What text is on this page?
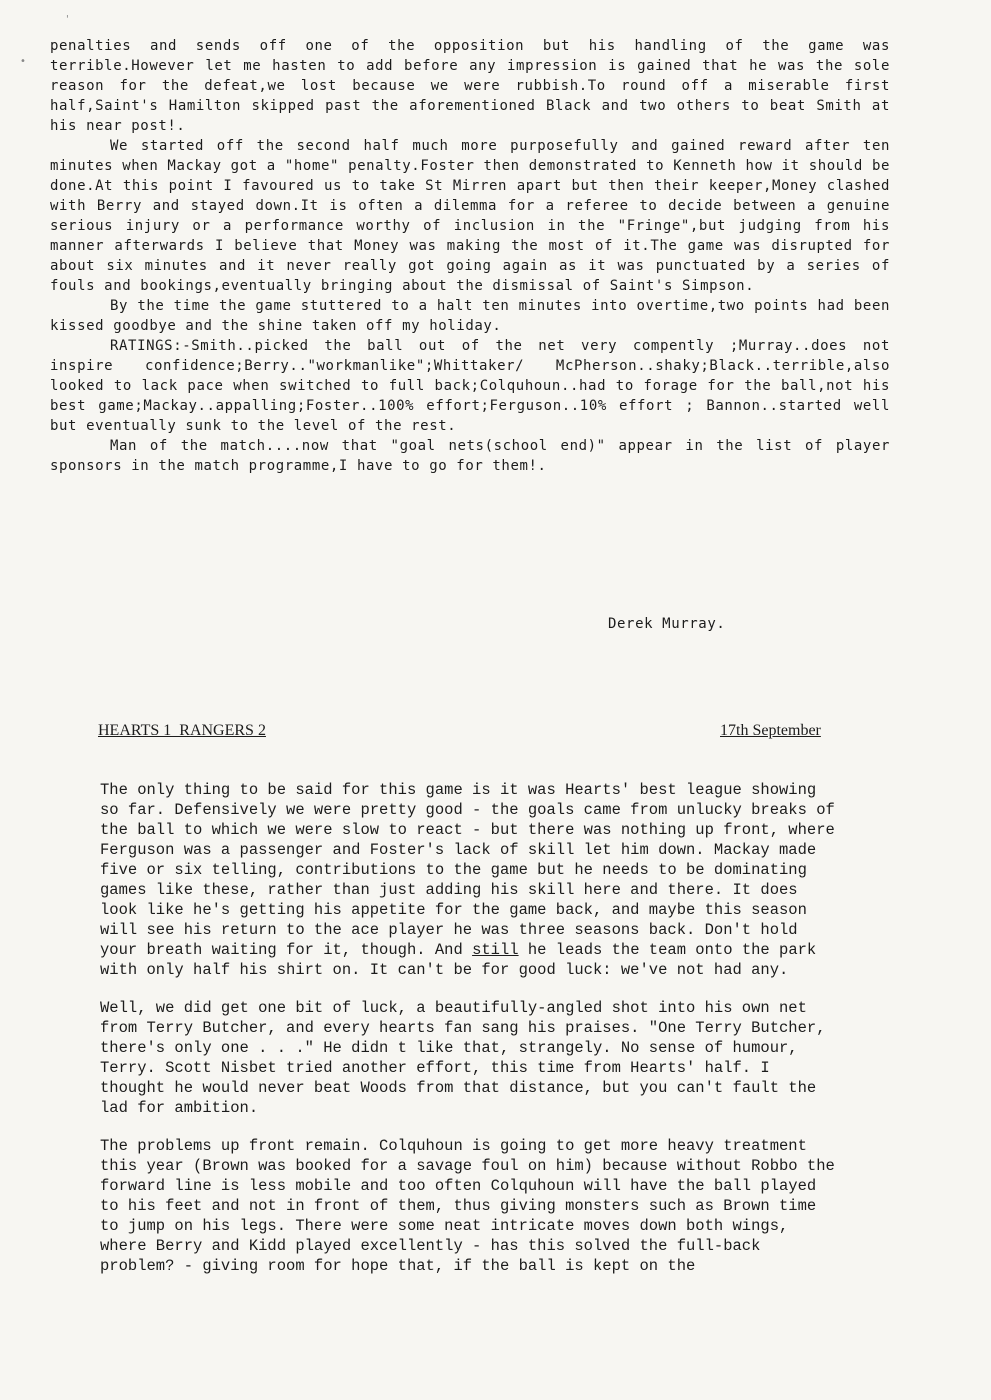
'
•

penalties and sends off one of the opposition but his handling of the game was terrible.However let me hasten to add before any impression is gained that he was the sole reason for the defeat,we lost because we were rubbish.To round off a miserable first half,Saint's Hamilton skipped past the aforementioned Black and two others to beat Smith at his near post!.

We started off the second half much more purposefully and gained reward after ten minutes when Mackay got a "home" penalty.Foster then demonstrated to Kenneth how it should be done.At this point I favoured us to take St Mirren apart but then their keeper,Money clashed with Berry and stayed down.It is often a dilemma for a referee to decide between a genuine serious injury or a performance worthy of inclusion in the "Fringe",but judging from his manner afterwards I believe that Money was making the most of it.The game was disrupted for about six minutes and it never really got going again as it was punctuated by a series of fouls and bookings,eventually bringing about the dismissal of Saint's Simpson.

By the time the game stuttered to a halt ten minutes into overtime,two points had been kissed goodbye and the shine taken off my holiday.

RATINGS:-Smith..picked the ball out of the net very compently ;Murray..does not inspire confidence;Berry.."workmanlike";Whittaker/ McPherson..shaky;Black..terrible,also looked to lack pace when switched to full back;Colquhoun..had to forage for the ball,not his best game;Mackay..appalling;Foster..100% effort;Ferguson..10% effort ; Bannon..started well but eventually sunk to the level of the rest.

Man of the match....now that "goal nets(school end)" appear in the list of player sponsors in the match programme,I have to go for them!.

Derek Murray.
HEARTS 1  RANGERS 2	17th September

The only thing to be said for this game is it was Hearts' best league showing so far. Defensively we were pretty good - the goals came from unlucky breaks of the ball to which we were slow to react - but there was nothing up front, where Ferguson was a passenger and Foster's lack of skill let him down. Mackay made five or six telling, contributions to the game but he needs to be dominating games like these, rather than just adding his skill here and there. It does look like he's getting his appetite for the game back, and maybe this season will see his return to the ace player he was three seasons back. Don't hold your breath waiting for it, though. And still he leads the team onto the park with only half his shirt on. It can't be for good luck: we've not had any.

Well, we did get one bit of luck, a beautifully-angled shot into his own net from Terry Butcher, and every hearts fan sang his praises. "One Terry Butcher, there's only one . . ." He didn t like that, strangely. No sense of humour, Terry. Scott Nisbet tried another effort, this time from Hearts' half. I thought he would never beat Woods from that distance, but you can't fault the lad for ambition.

The problems up front remain. Colquhoun is going to get more heavy treatment this year (Brown was booked for a savage foul on him) because without Robbo the forward line is less mobile and too often Colquhoun will have the ball played to his feet and not in front of them, thus giving monsters such as Brown time to jump on his legs. There were some neat intricate moves down both wings, where Berry and Kidd played excellently - has this solved the full-back problem? - giving room for hope that, if the ball is kept on the
